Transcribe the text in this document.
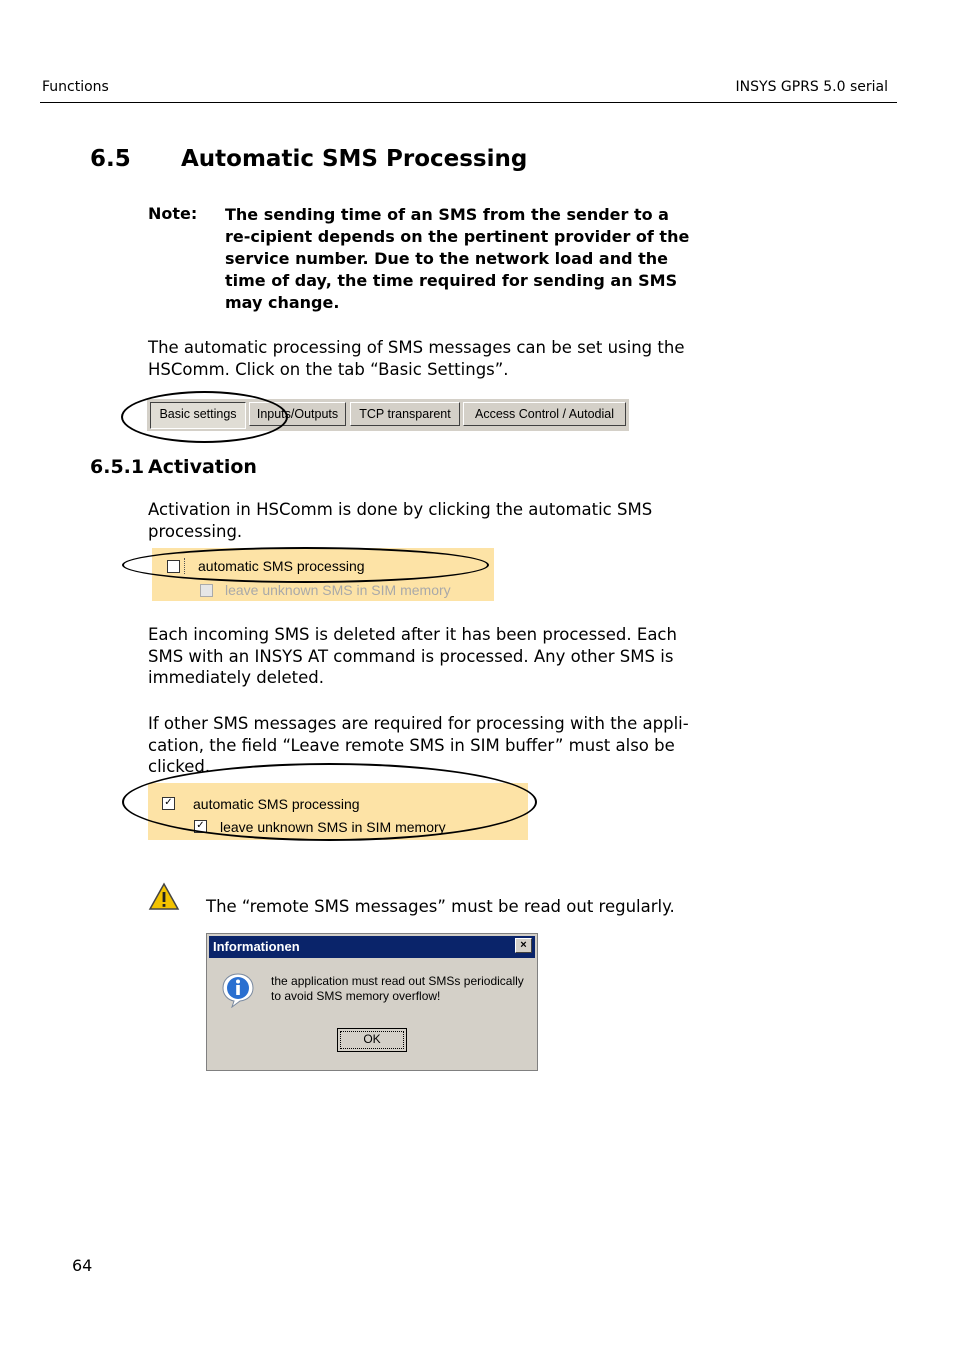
Functions	INSYS GPRS 5.0 serial
6.5 Automatic SMS Processing
Note: The sending time of an SMS from the sender to a re-cipient depends on the pertinent provider of the service number. Due to the network load and the time of day, the time required for sending an SMS may change.
The automatic processing of SMS messages can be set using the HSComm. Click on the tab “Basic Settings”.
Basic settings	Inputs/Outputs	TCP transparent	Access Control / Autodial
6.5.1 Activation
Activation in HSComm is done by clicking the automatic SMS processing.
automatic SMS processing
leave unknown SMS in SIM memory
Each incoming SMS is deleted after it has been processed. Each SMS with an INSYS AT command is processed. Any other SMS is immediately deleted.
If other SMS messages are required for processing with the appli-cation, the field “Leave remote SMS in SIM buffer” must also be clicked.
✓ automatic SMS processing
✓ leave unknown SMS in SIM memory
The “remote SMS messages” must be read out regularly.
Informationen	×
the application must read out SMSs periodically to avoid SMS memory overflow!
OK
64
